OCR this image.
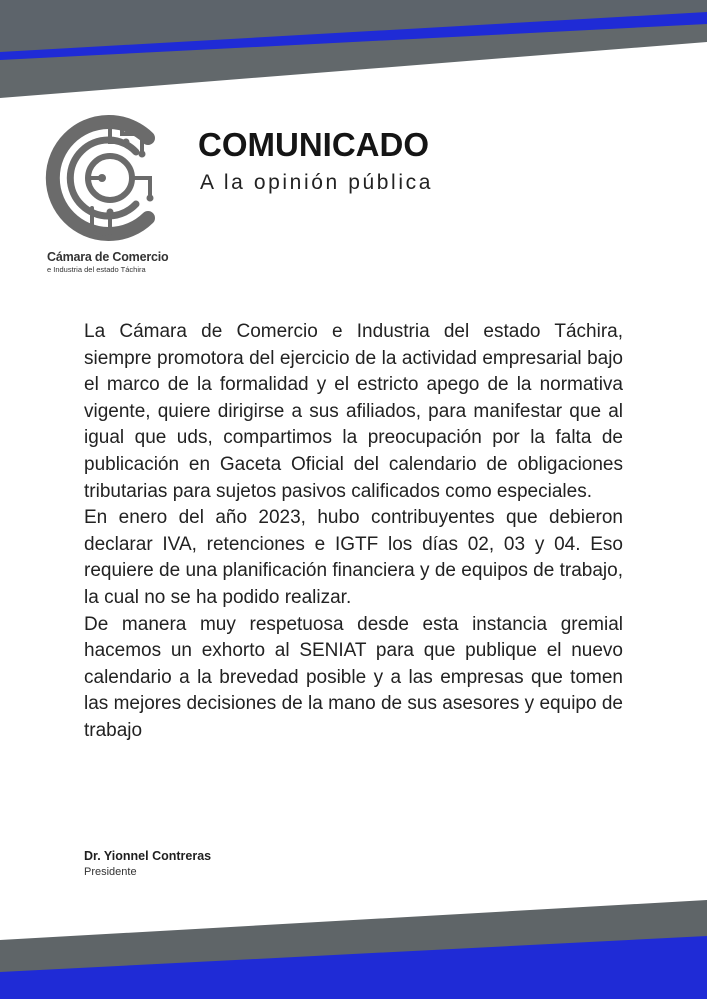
Cámara de Comercio
e Industria del estado Táchira
COMUNICADO
A la opinión pública

La Cámara de Comercio e Industria del estado Táchira, siempre promotora del ejercicio de la actividad empresarial bajo el marco de la formalidad y el estricto apego de la normativa vigente, quiere dirigirse a sus afiliados, para manifestar que al igual que uds, compartimos la preocupación por la falta de publicación en Gaceta Oficial del calendario de obligaciones tributarias para sujetos pasivos calificados como especiales.

En enero del año 2023, hubo contribuyentes que debieron declarar IVA, retenciones e IGTF los días 02, 03 y 04. Eso requiere de una planificación financiera y de equipos de trabajo, la cual no se ha podido realizar.

De manera muy respetuosa desde esta instancia gremial hacemos un exhorto al SENIAT para que publique el nuevo calendario a la brevedad posible y a las empresas que tomen las mejores decisiones de la mano de sus asesores y equipo de trabajo

Dr. Yionnel Contreras
Presidente
